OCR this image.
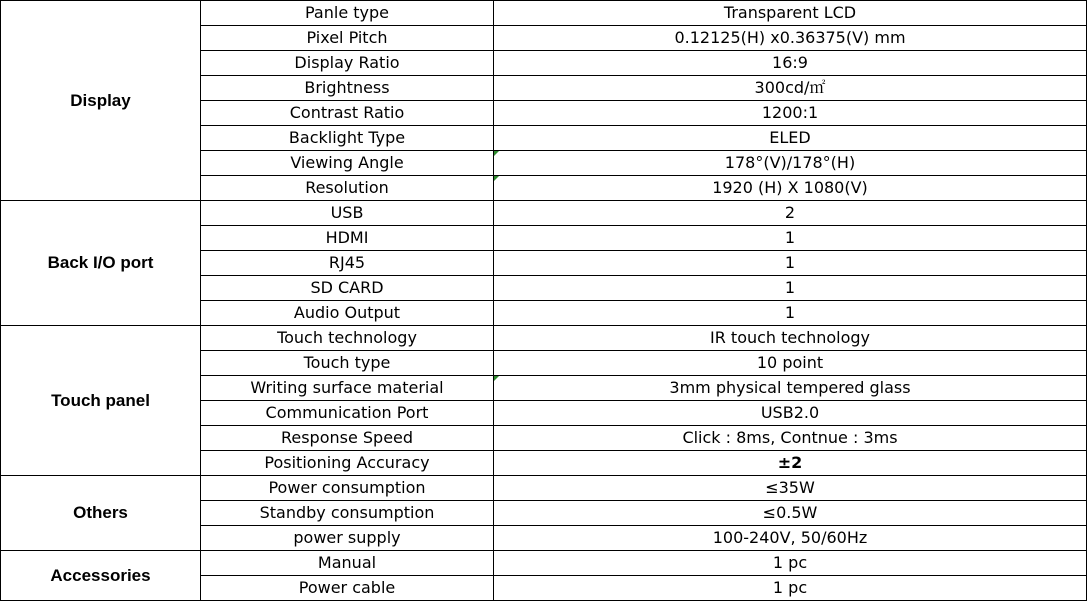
Display	Panle type	Transparent LCD
	Pixel Pitch	0.12125(H) x0.36375(V) mm
	Display Ratio	16:9
	Brightness	300cd/㎡
	Contrast Ratio	1200:1
	Backlight Type	ELED
	Viewing Angle	178°(V)/178°(H)
	Resolution	1920 (H) X 1080(V)
Back I/O port	USB	2
	HDMI	1
	RJ45	1
	SD CARD	1
	Audio Output	1
Touch panel	Touch technology	IR touch technology
	Touch type	10 point
	Writing surface material	3mm physical tempered glass
	Communication Port	USB2.0
	Response Speed	Click : 8ms, Contnue : 3ms
	Positioning Accuracy	±2
Others	Power consumption	≤35W
	Standby consumption	≤0.5W
	power supply	100-240V, 50/60Hz
Accessories	Manual	1 pc
	Power cable	1 pc
